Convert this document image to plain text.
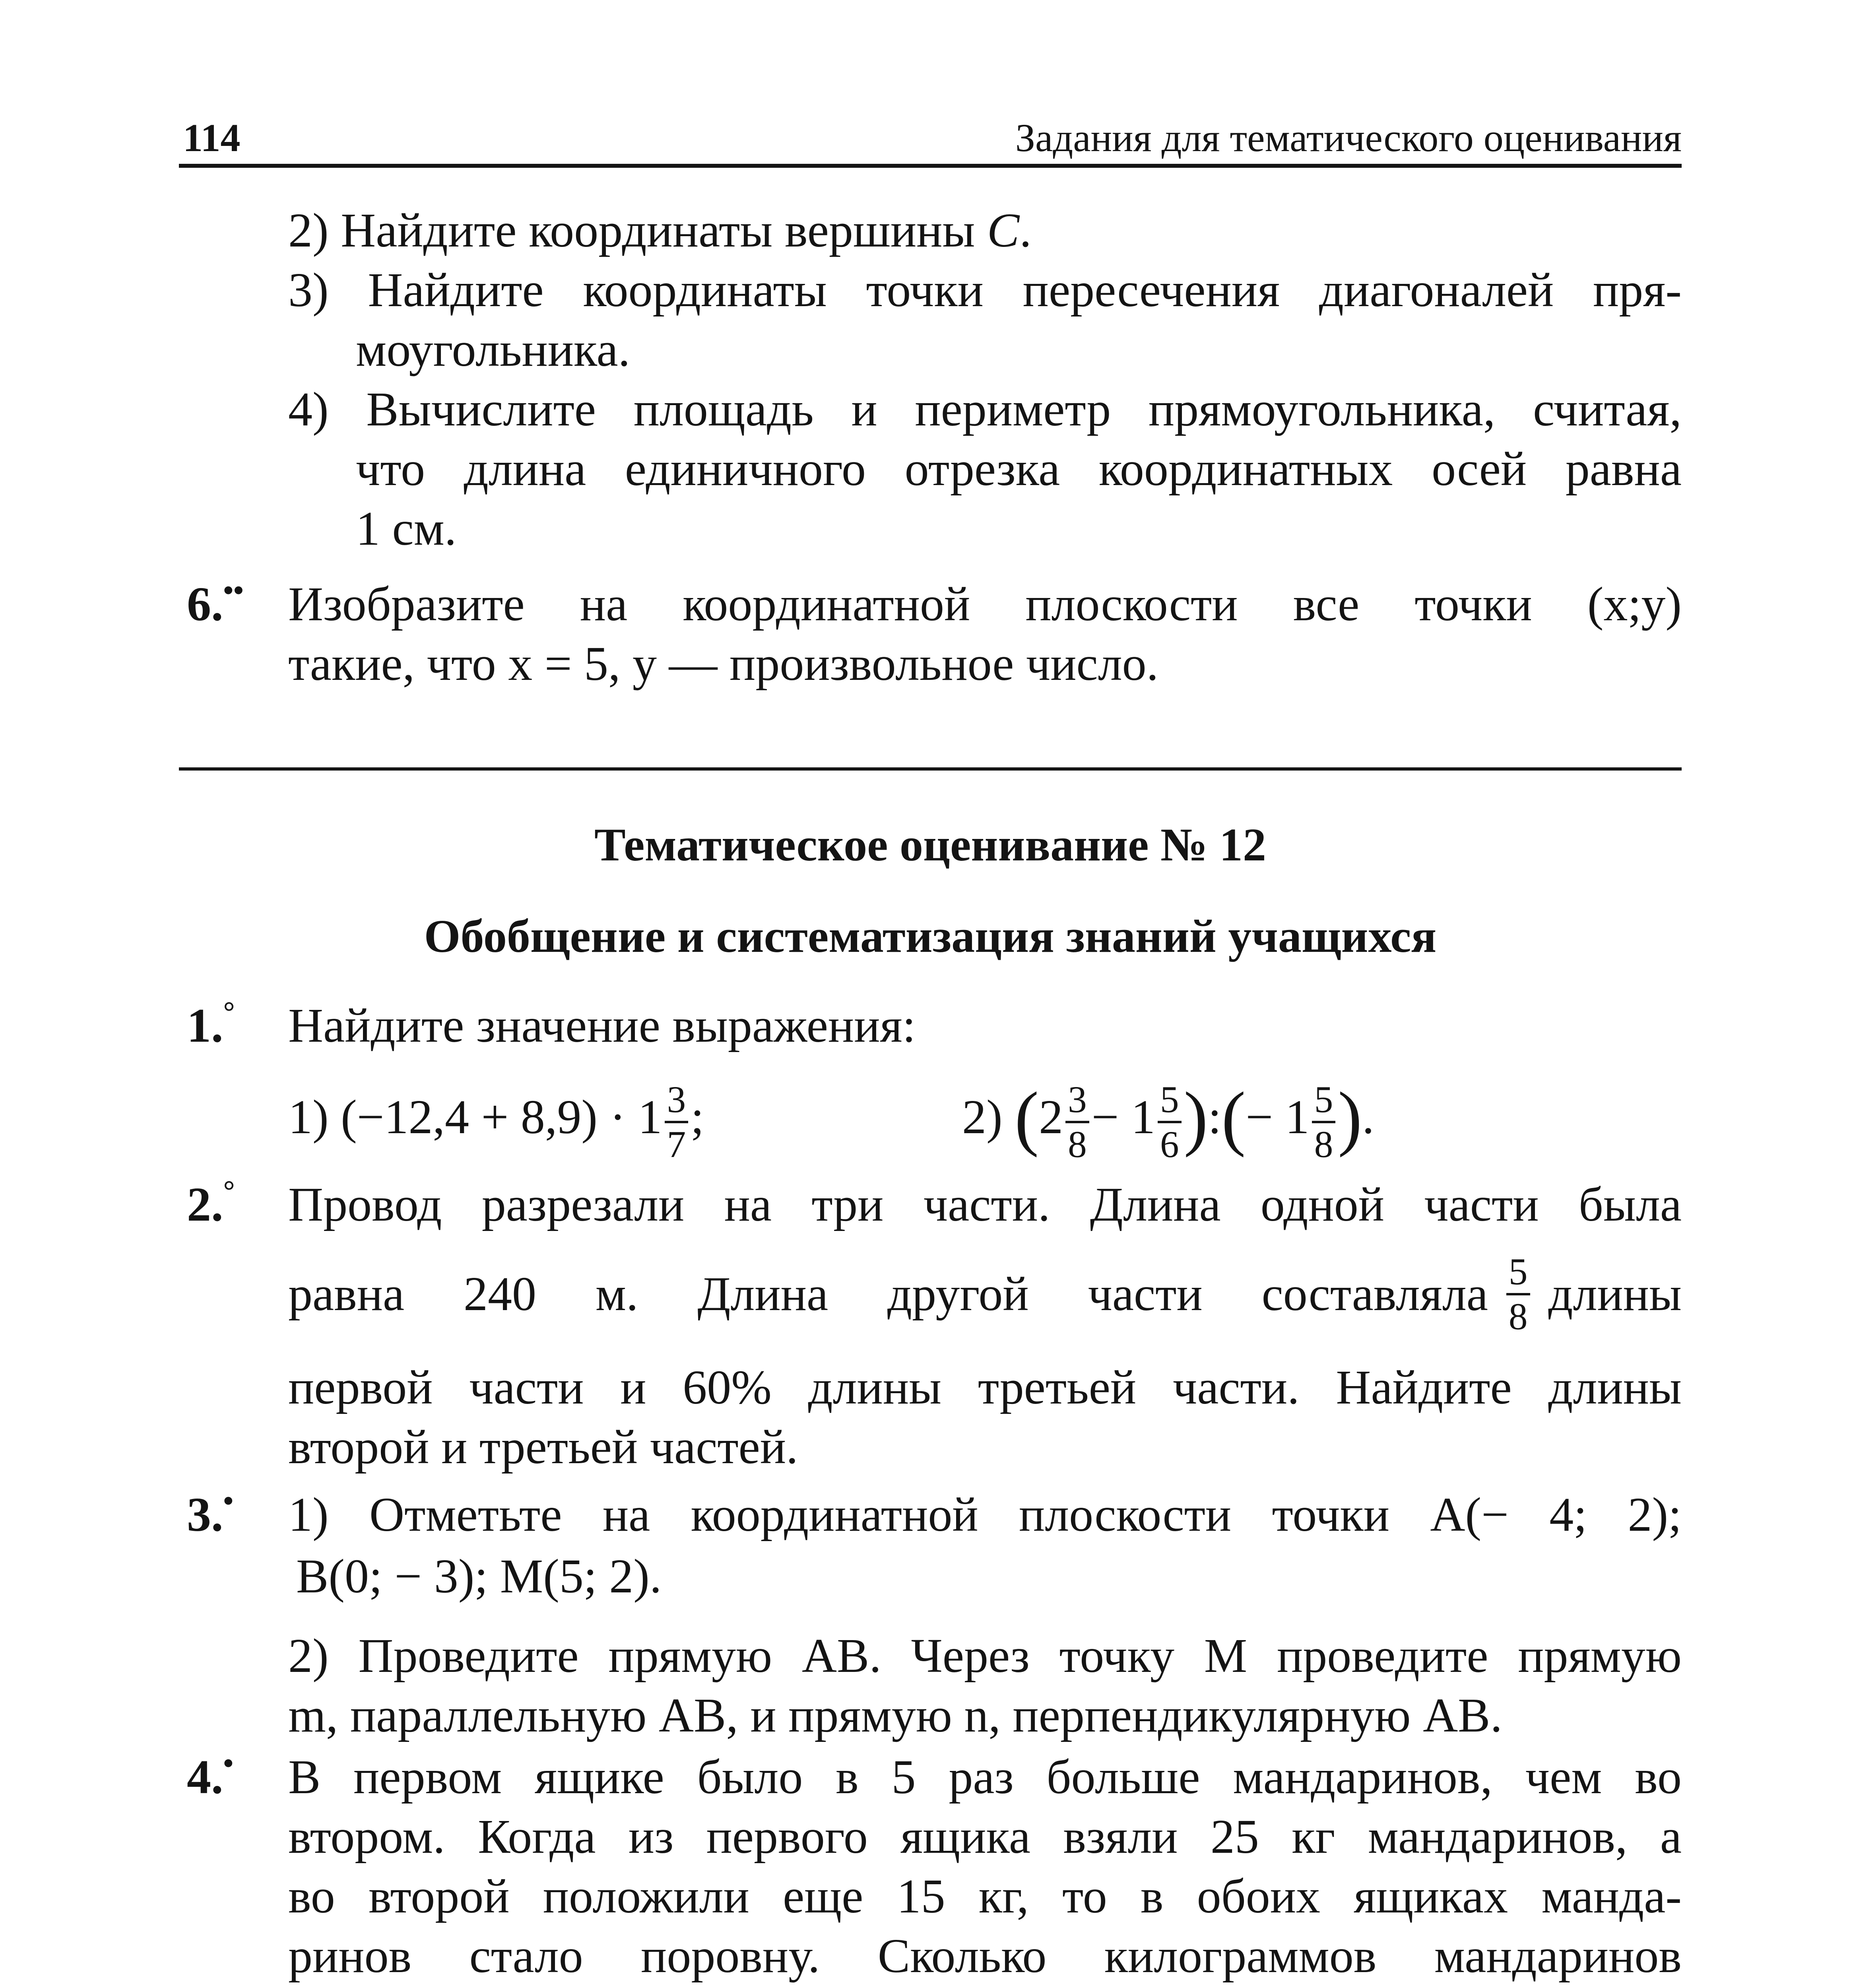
114	Задания для тематического оценивания
2) Найдите координаты вершины C.
3) Найдите координаты точки пересечения диагоналей пря-
моугольника.
4) Вычислите площадь и периметр прямоугольника, считая,
что длина единичного отрезка координатных осей равна
1 см.
6.•• Изобразите на координатной плоскости все точки (x;y)
такие, что x = 5, y — произвольное число.
Тематическое оценивание № 12
Обобщение и систематизация знаний учащихся
1.° Найдите значение выражения:
1) $(-12,4 + 8,9) \cdot 1 \frac{3}{7}$ ;	2) ($2 \frac{3}{8} - 1 \frac{5}{6}$ ):(− $1 \frac{5}{8}$ ).
2.° Провод разрезали на три части. Длина одной части была
равна 240 м. Длина другой части составляла $\frac{5}{8}$ длины
первой части и 60% длины третьей части. Найдите длины
второй и третьей частей.
3.• 1) Отметьте на координатной плоскости точки A(− 4; 2);
B(0; − 3); M(5; 2).
2) Проведите прямую AB. Через точку M проведите прямую
m, параллельную AB, и прямую n, перпендикулярную AB.
4.• В первом ящике было в 5 раз больше мандаринов, чем во
втором. Когда из первого ящика взяли 25 кг мандаринов, а
во второй положили еще 15 кг, то в обоих ящиках манда-
ринов стало поровну. Сколько килограммов мандаринов
